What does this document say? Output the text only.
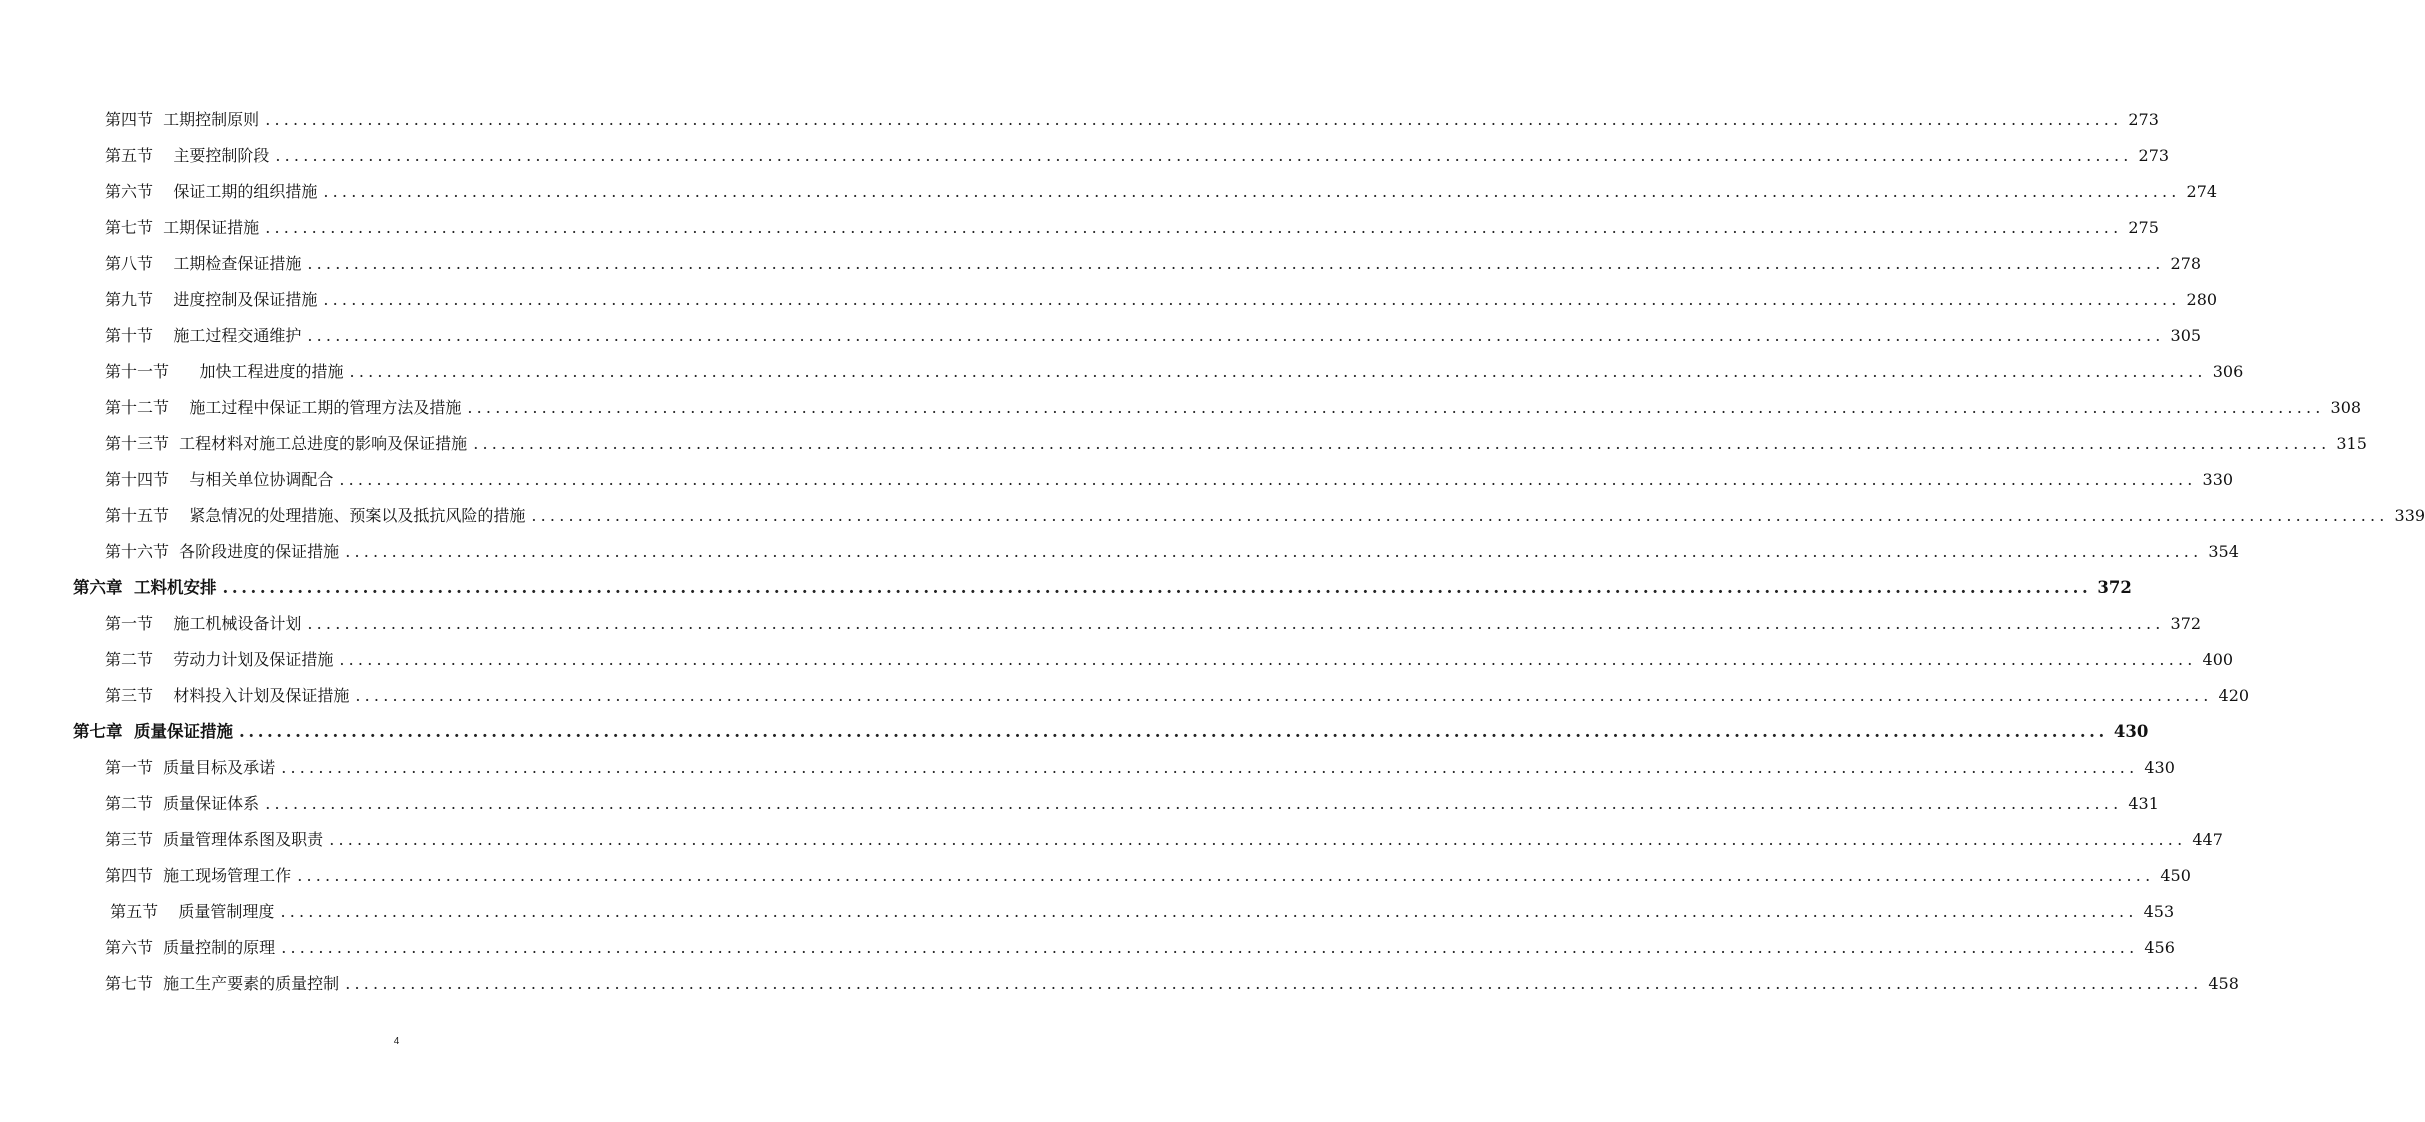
第四节  工期控制原则 ........................................................................................................................................................................................................ 273
第五节    主要控制阶段 ........................................................................................................................................................................................................ 273
第六节    保证工期的组织措施 ........................................................................................................................................................................................................ 274
第七节  工期保证措施 ........................................................................................................................................................................................................ 275
第八节    工期检查保证措施 ........................................................................................................................................................................................................ 278
第九节    进度控制及保证措施 ........................................................................................................................................................................................................ 280
第十节    施工过程交通维护 ........................................................................................................................................................................................................ 305
第十一节      加快工程进度的措施 ........................................................................................................................................................................................................ 306
第十二节    施工过程中保证工期的管理方法及措施 ........................................................................................................................................................................................................ 308
第十三节  工程材料对施工总进度的影响及保证措施 ........................................................................................................................................................................................................ 315
第十四节    与相关单位协调配合 ........................................................................................................................................................................................................ 330
第十五节    紧急情况的处理措施、预案以及抵抗风险的措施 ........................................................................................................................................................................................................ 339
第十六节  各阶段进度的保证措施 ........................................................................................................................................................................................................ 354
第六章  工料机安排 ........................................................................................................................................................................................................ 372
第一节    施工机械设备计划 ........................................................................................................................................................................................................ 372
第二节    劳动力计划及保证措施 ........................................................................................................................................................................................................ 400
第三节    材料投入计划及保证措施 ........................................................................................................................................................................................................ 420
第七章  质量保证措施 ........................................................................................................................................................................................................ 430
第一节  质量目标及承诺 ........................................................................................................................................................................................................ 430
第二节  质量保证体系 ........................................................................................................................................................................................................ 431
第三节  质量管理体系图及职责 ........................................................................................................................................................................................................ 447
第四节  施工现场管理工作 ........................................................................................................................................................................................................ 450
第五节    质量管制理度 ........................................................................................................................................................................................................ 453
第六节  质量控制的原理 ........................................................................................................................................................................................................ 456
第七节  施工生产要素的质量控制 ........................................................................................................................................................................................................ 458
4
